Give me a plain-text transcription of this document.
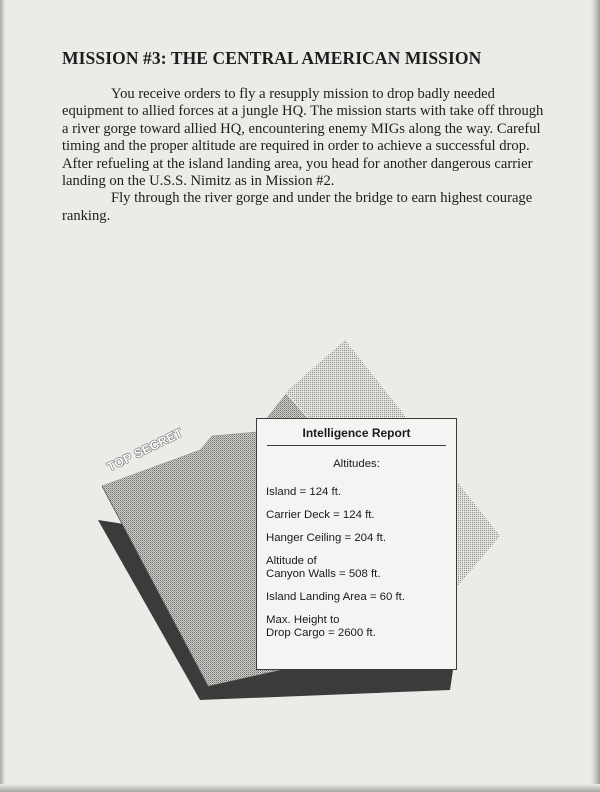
MISSION #3: THE CENTRAL AMERICAN MISSION

You receive orders to fly a resupply mission to drop badly needed equipment to allied forces at a jungle HQ. The mission starts with take off through a river gorge toward allied HQ, encountering enemy MIGs along the way. Careful timing and the proper altitude are required in order to achieve a successful drop. After refueling at the island landing area, you head for another dangerous carrier landing on the U.S.S. Nimitz as in Mission #2.

Fly through the river gorge and under the bridge to earn highest courage ranking.

TOP SECRET	Intelligence Report
Altitudes:
Island = 124 ft.
Carrier Deck = 124 ft.
Hanger Ceiling = 204 ft.
Altitude of
Canyon Walls = 508 ft.
Island Landing Area = 60 ft.
Max. Height to
Drop Cargo = 2600 ft.
